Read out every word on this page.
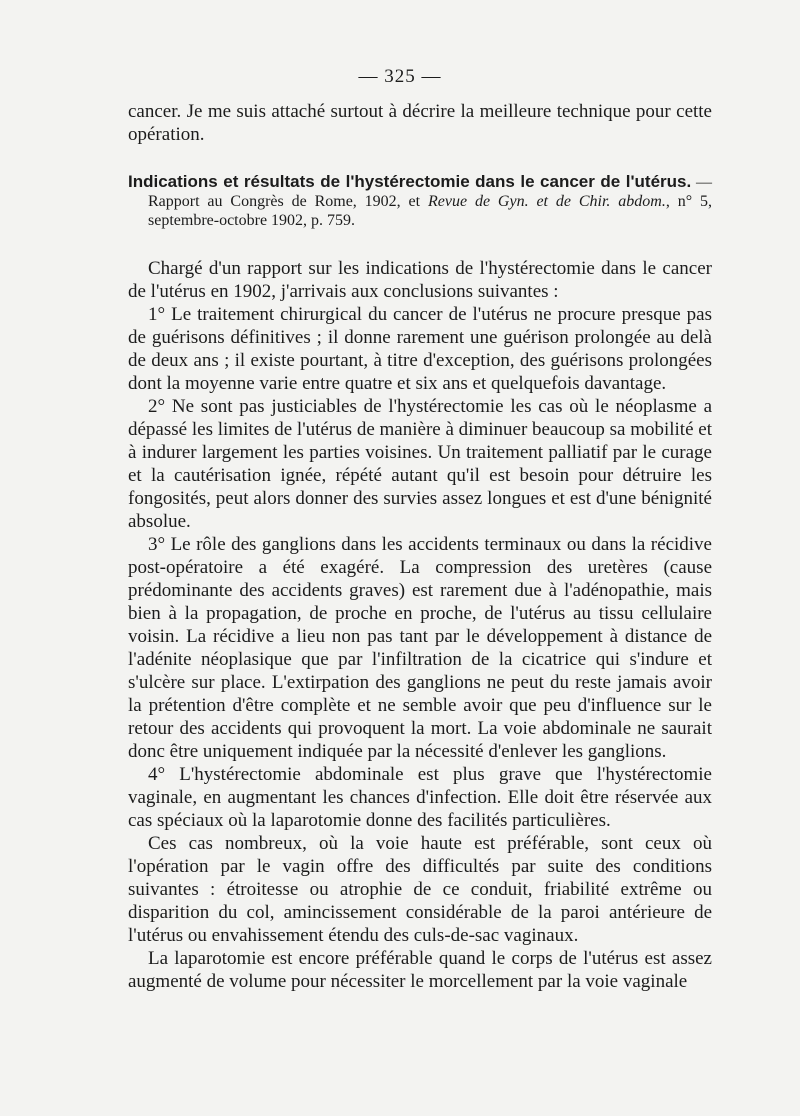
— 325 —

cancer. Je me suis attaché surtout à décrire la meilleure technique pour cette opération.

Indications et résultats de l'hystérectomie dans le cancer de l'utérus. — Rapport au Congrès de Rome, 1902, et Revue de Gyn. et de Chir. abdom., n° 5, septembre-octobre 1902, p. 759.

Chargé d'un rapport sur les indications de l'hystérectomie dans le cancer de l'utérus en 1902, j'arrivais aux conclusions suivantes :

1° Le traitement chirurgical du cancer de l'utérus ne procure presque pas de guérisons définitives ; il donne rarement une guérison prolongée au delà de deux ans ; il existe pourtant, à titre d'exception, des guérisons prolongées dont la moyenne varie entre quatre et six ans et quelquefois davantage.

2° Ne sont pas justiciables de l'hystérectomie les cas où le néoplasme a dépassé les limites de l'utérus de manière à diminuer beaucoup sa mobilité et à indurer largement les parties voisines. Un traitement palliatif par le curage et la cautérisation ignée, répété autant qu'il est besoin pour détruire les fongosités, peut alors donner des survies assez longues et est d'une bénignité absolue.

3° Le rôle des ganglions dans les accidents terminaux ou dans la récidive post-opératoire a été exagéré. La compression des uretères (cause prédominante des accidents graves) est rarement due à l'adénopathie, mais bien à la propagation, de proche en proche, de l'utérus au tissu cellulaire voisin. La récidive a lieu non pas tant par le développement à distance de l'adénite néoplasique que par l'infiltration de la cicatrice qui s'indure et s'ulcère sur place. L'extirpation des ganglions ne peut du reste jamais avoir la prétention d'être complète et ne semble avoir que peu d'influence sur le retour des accidents qui provoquent la mort. La voie abdominale ne saurait donc être uniquement indiquée par la nécessité d'enlever les ganglions.

4° L'hystérectomie abdominale est plus grave que l'hystérectomie vaginale, en augmentant les chances d'infection. Elle doit être réservée aux cas spéciaux où la laparotomie donne des facilités particulières.

Ces cas nombreux, où la voie haute est préférable, sont ceux où l'opération par le vagin offre des difficultés par suite des conditions suivantes : étroitesse ou atrophie de ce conduit, friabilité extrême ou disparition du col, amincissement considérable de la paroi antérieure de l'utérus ou envahissement étendu des culs-de-sac vaginaux.

La laparotomie est encore préférable quand le corps de l'utérus est assez augmenté de volume pour nécessiter le morcellement par la voie vaginale
